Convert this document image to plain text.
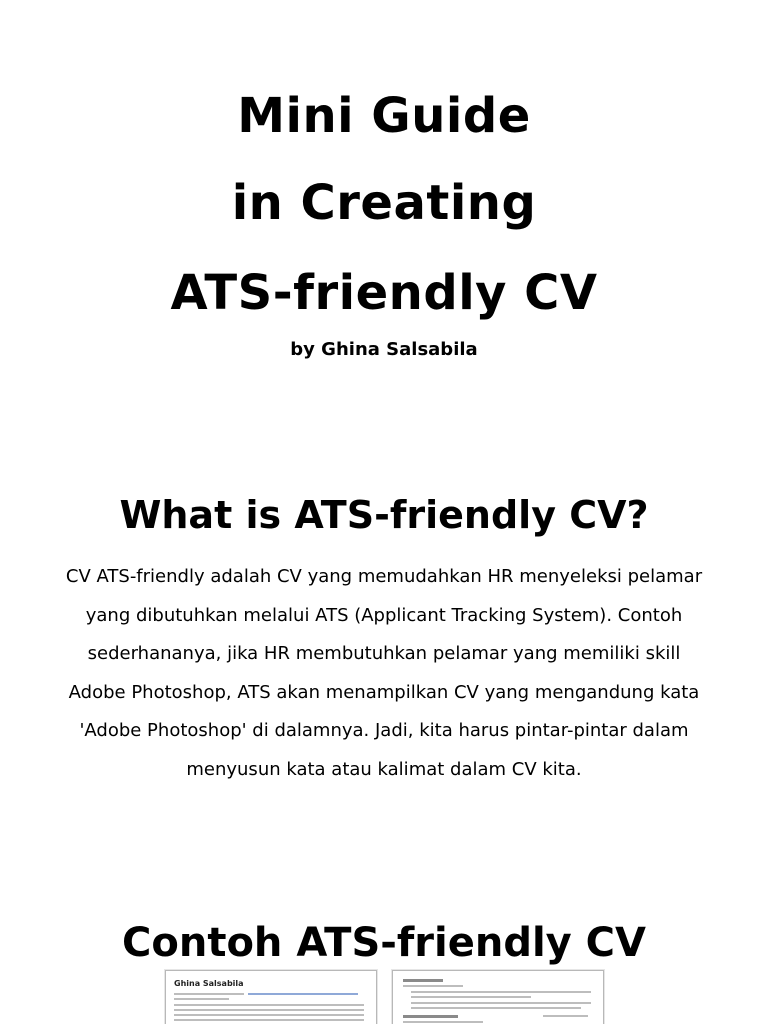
Mini Guide
in Creating
ATS-friendly CV
by Ghina Salsabila
What is ATS-friendly CV?
CV ATS-friendly adalah CV yang memudahkan HR menyeleksi pelamar
yang dibutuhkan melalui ATS (Applicant Tracking System). Contoh
sederhananya, jika HR membutuhkan pelamar yang memiliki skill
Adobe Photoshop, ATS akan menampilkan CV yang mengandung kata
'Adobe Photoshop' di dalamnya. Jadi, kita harus pintar-pintar dalam
menyusun kata atau kalimat dalam CV kita.
Contoh ATS-friendly CV
Ghina Salsabila
